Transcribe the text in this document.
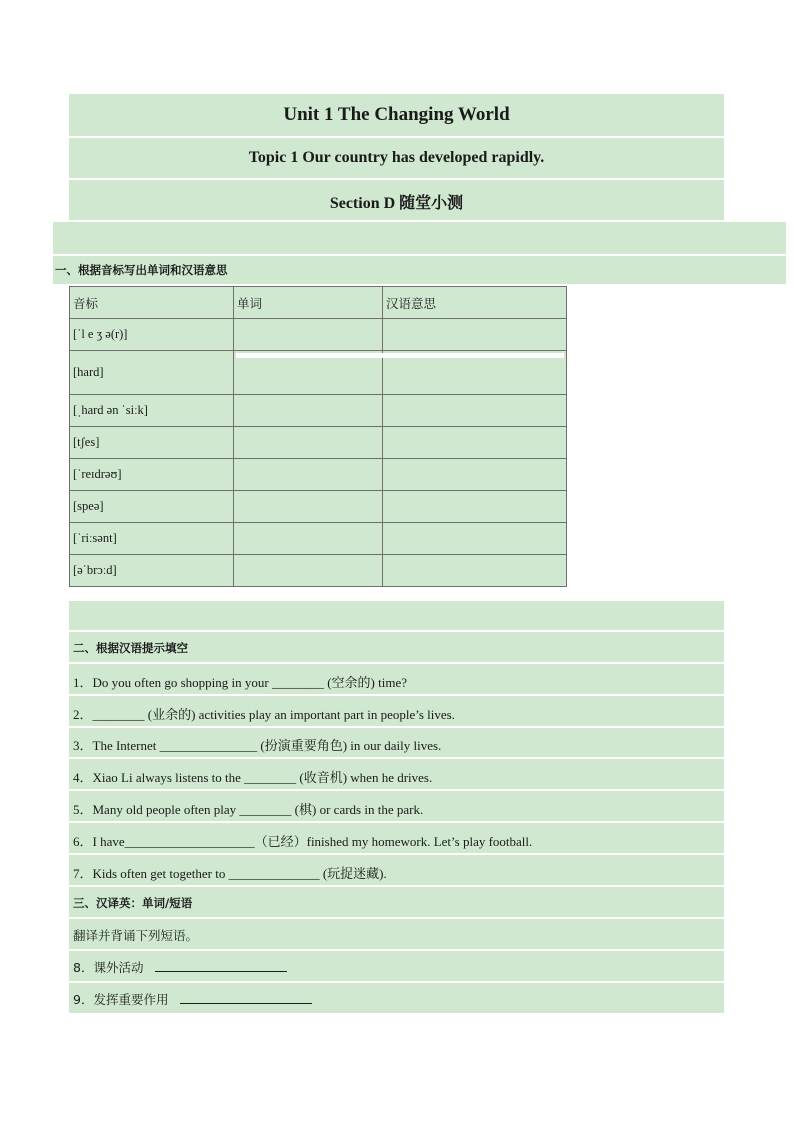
Unit 1 The Changing World
Topic 1 Our country has developed rapidly.
Section D 随堂小测
一、根据音标写出单词和汉语意思
音标	单词	汉语意思
[ˈl e ʒ ə(r)]		
[hard]		
[ˌhard ən ˈsiːk]		
[tʃes]		
[ˈreɪdrəʊ]		
[speə]		
[ˈriːsənt]		
[əˈbrɔːd]		
二、根据汉语提示填空
1．Do you often go shopping in your ________ (空余的) time?
2．________ (业余的) activities play an important part in people’s lives.
3．The Internet _______________ (扮演重要角色) in our daily lives.
4．Xiao Li always listens to the ________ (收音机) when he drives.
5．Many old people often play ________ (棋) or cards in the park.
6．I have____________________（已经）finished my homework. Let’s play football.
7．Kids often get together to ______________ (玩捉迷藏).
三、汉译英：单词/短语
翻译并背诵下列短语。
8．课外活动
9．发挥重要作用
